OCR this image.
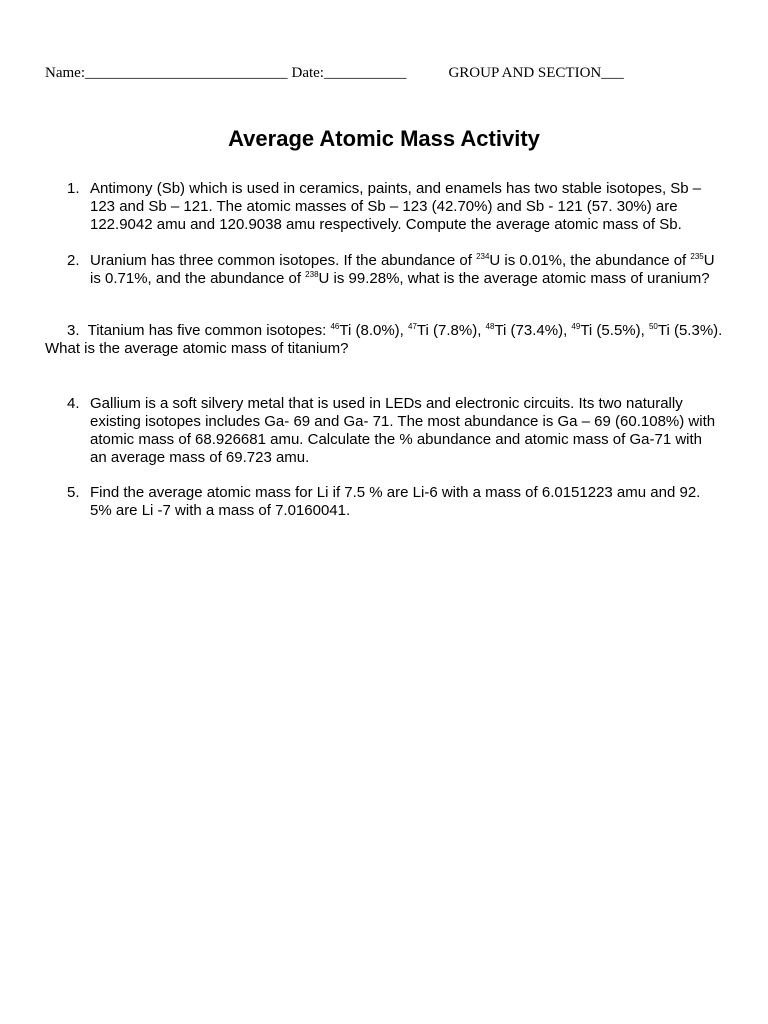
Name:___________________________ Date:___________	GROUP AND SECTION___
Average Atomic Mass Activity
1. Antimony (Sb) which is used in ceramics, paints, and enamels has two stable isotopes, Sb – 123 and Sb – 121. The atomic masses of Sb – 123 (42.70%) and Sb - 121 (57. 30%) are 122.9042 amu and 120.9038 amu respectively. Compute the average atomic mass of Sb.
2. Uranium has three common isotopes. If the abundance of $^{234}$U is 0.01%, the abundance of $^{235}$U is 0.71%, and the abundance of $^{238}$U is 99.28%, what is the average atomic mass of uranium?
3. Titanium has five common isotopes: $^{46}$Ti (8.0%), $^{47}$Ti (7.8%), $^{48}$Ti (73.4%), $^{49}$Ti (5.5%), $^{50}$Ti (5.3%). What is the average atomic mass of titanium?
4. Gallium is a soft silvery metal that is used in LEDs and electronic circuits. Its two naturally existing isotopes includes Ga- 69 and Ga- 71. The most abundance is Ga – 69 (60.108%) with atomic mass of 68.926681 amu. Calculate the % abundance and atomic mass of Ga-71 with an average mass of 69.723 amu.
5. Find the average atomic mass for Li if 7.5 % are Li-6 with a mass of 6.0151223 amu and 92. 5% are Li -7 with a mass of 7.0160041.
